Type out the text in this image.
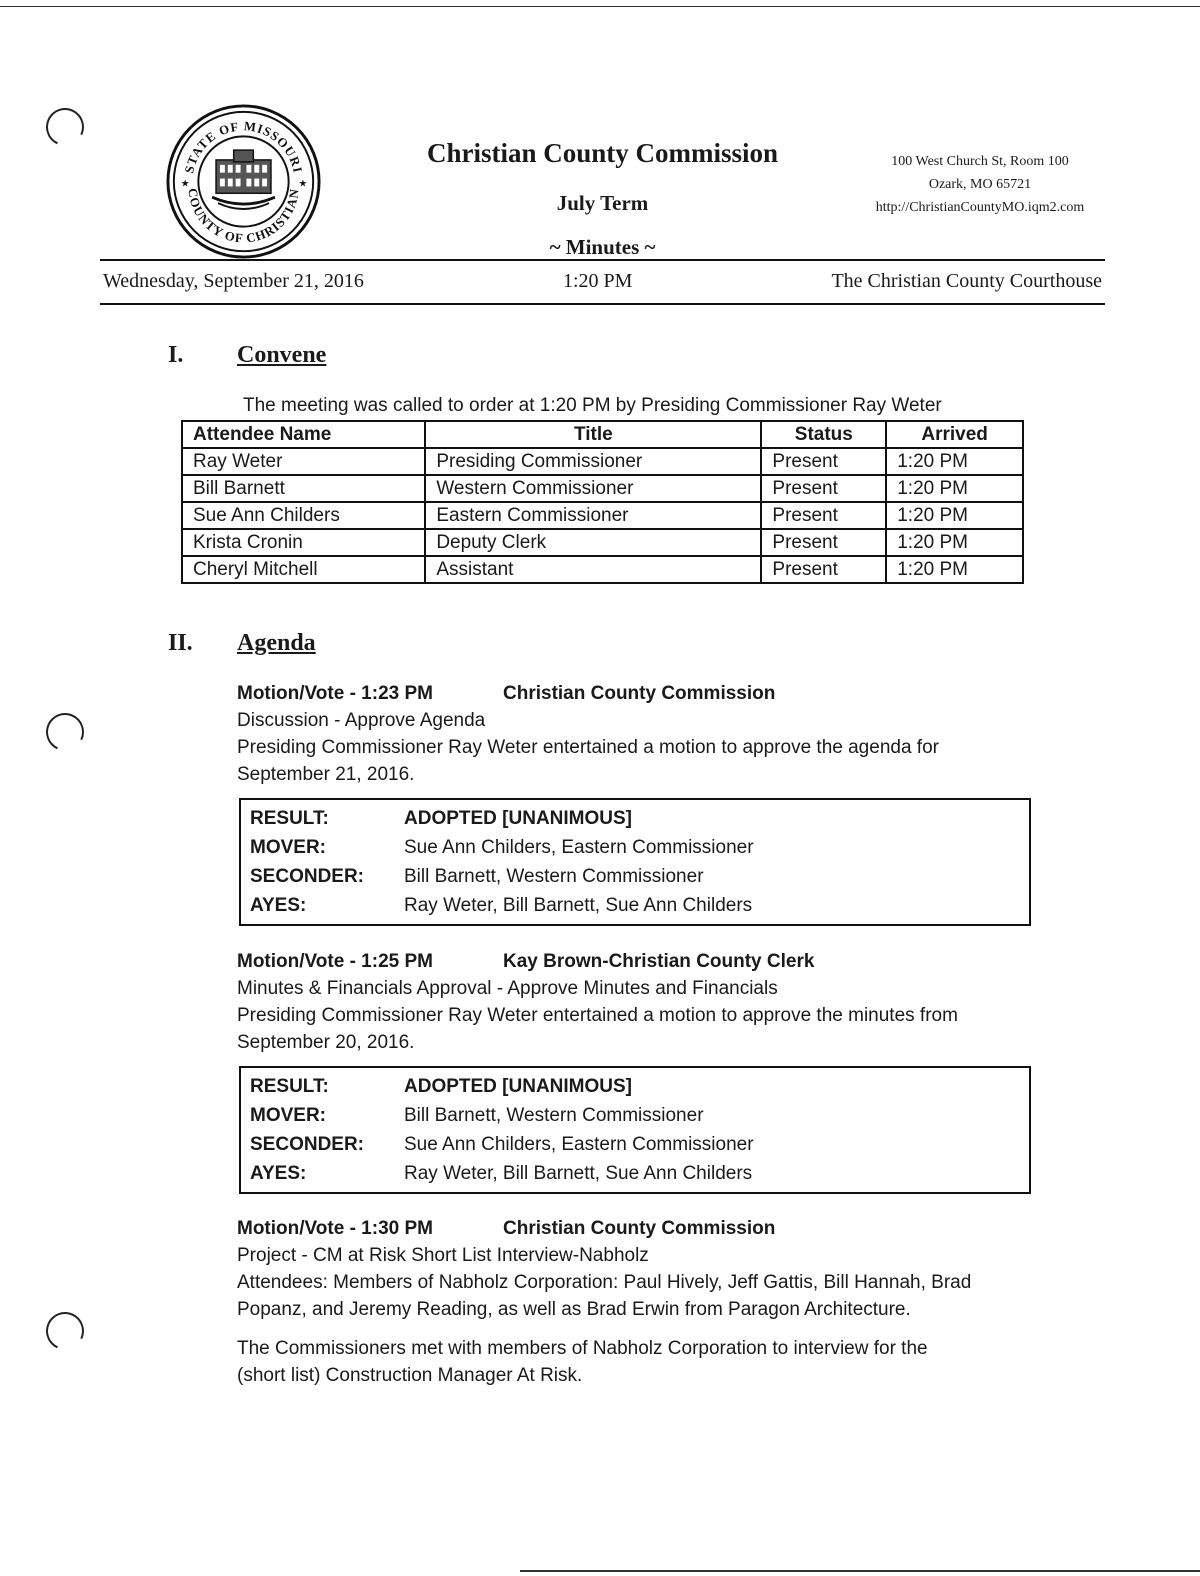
STATE OF MISSOURI
COUNTY OF CHRISTIAN
★	★
Christian County Commission
July Term
~ Minutes ~
100 West Church St, Room 100
Ozark, MO 65721
http://ChristianCountyMO.iqm2.com
Wednesday, September 21, 2016	1:20 PM	The Christian County Courthouse
I. Convene
The meeting was called to order at 1:20 PM by Presiding Commissioner Ray Weter
Attendee Name	Title	Status	Arrived
Ray Weter	Presiding Commissioner	Present	1:20 PM
Bill Barnett	Western Commissioner	Present	1:20 PM
Sue Ann Childers	Eastern Commissioner	Present	1:20 PM
Krista Cronin	Deputy Clerk	Present	1:20 PM
Cheryl Mitchell	Assistant	Present	1:20 PM
II. Agenda
Motion/Vote - 1:23 PM	Christian County Commission
Discussion - Approve Agenda
Presiding Commissioner Ray Weter entertained a motion to approve the agenda for
September 21, 2016.
RESULT:	ADOPTED [UNANIMOUS]
MOVER:	Sue Ann Childers, Eastern Commissioner
SECONDER:	Bill Barnett, Western Commissioner
AYES:	Ray Weter, Bill Barnett, Sue Ann Childers
Motion/Vote - 1:25 PM	Kay Brown-Christian County Clerk
Minutes & Financials Approval - Approve Minutes and Financials
Presiding Commissioner Ray Weter entertained a motion to approve the minutes from
September 20, 2016.
RESULT:	ADOPTED [UNANIMOUS]
MOVER:	Bill Barnett, Western Commissioner
SECONDER:	Sue Ann Childers, Eastern Commissioner
AYES:	Ray Weter, Bill Barnett, Sue Ann Childers
Motion/Vote - 1:30 PM	Christian County Commission
Project - CM at Risk Short List Interview-Nabholz
Attendees: Members of Nabholz Corporation: Paul Hively, Jeff Gattis, Bill Hannah, Brad
Popanz, and Jeremy Reading, as well as Brad Erwin from Paragon Architecture.
The Commissioners met with members of Nabholz Corporation to interview for the
(short list) Construction Manager At Risk.
